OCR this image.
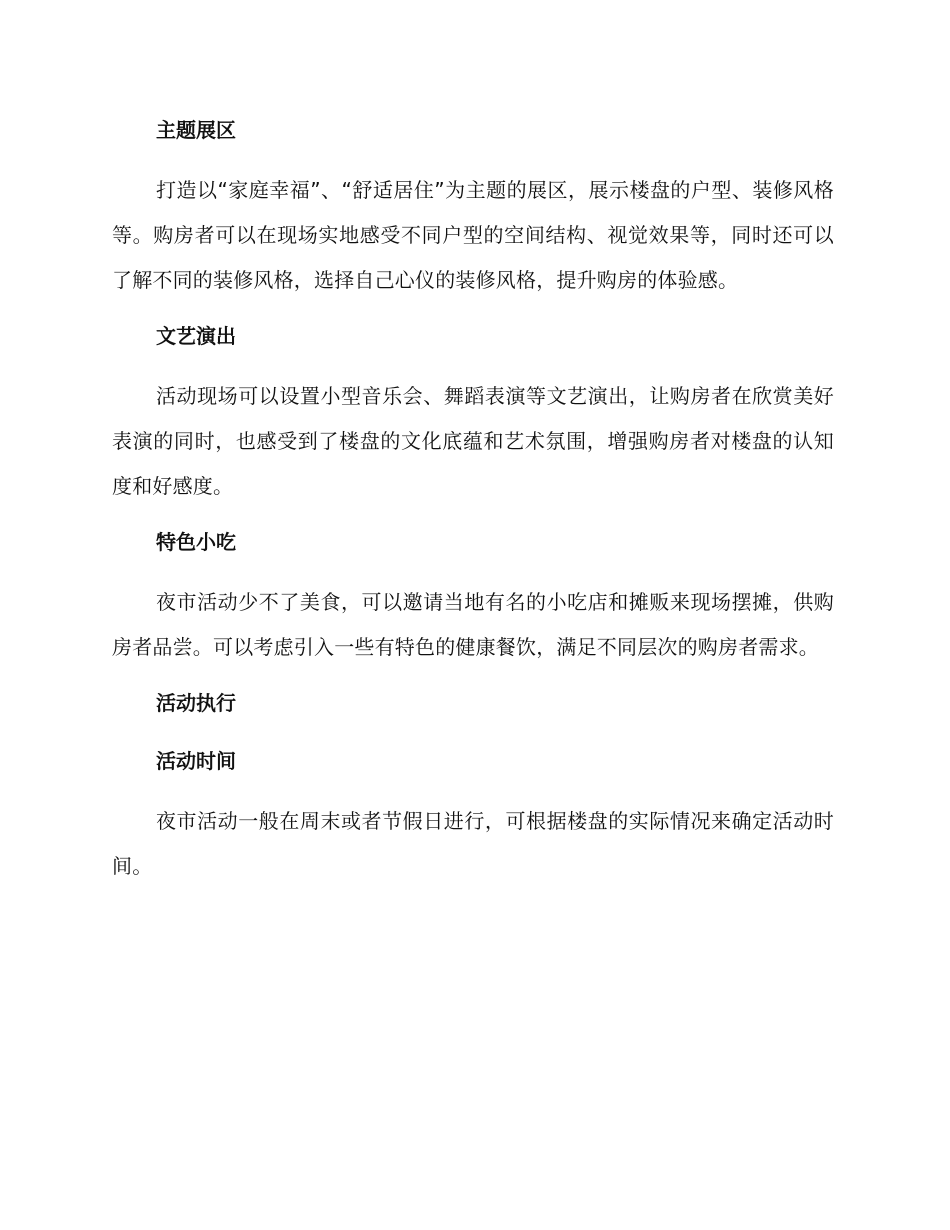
主题展区

打造以“家庭幸福”、“舒适居住”为主题的展区，展示楼盘的户型、装修风格等。购房者可以在现场实地感受不同户型的空间结构、视觉效果等，同时还可以了解不同的装修风格，选择自己心仪的装修风格，提升购房的体验感。

文艺演出

活动现场可以设置小型音乐会、舞蹈表演等文艺演出，让购房者在欣赏美好表演的同时，也感受到了楼盘的文化底蕴和艺术氛围，增强购房者对楼盘的认知度和好感度。

特色小吃

夜市活动少不了美食，可以邀请当地有名的小吃店和摊贩来现场摆摊，供购房者品尝。可以考虑引入一些有特色的健康餐饮，满足不同层次的购房者需求。

活动执行
活动时间

夜市活动一般在周末或者节假日进行，可根据楼盘的实际情况来确定活动时间。
